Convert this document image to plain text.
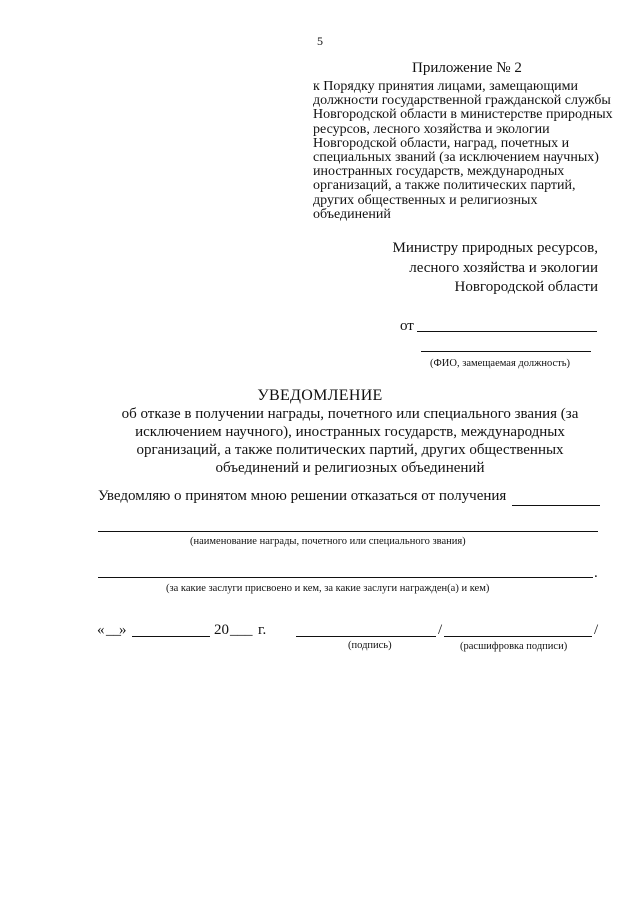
5
Приложение № 2
к Порядку принятия лицами, замещающими должности государственной гражданской службы Новгородской области в министерстве природных ресурсов, лесного хозяйства и экологии Новгородской области, наград, почетных и специальных званий (за исключением научных) иностранных государств, международных организаций, а также политических партий, других общественных и религиозных объединений
Министру природных ресурсов,
лесного хозяйства и экологии
Новгородской области
от
(ФИО, замещаемая должность)
УВЕДОМЛЕНИЕ
об отказе в получении награды, почетного или специального звания (за исключением научного), иностранных государств, международных организаций, а также политических партий, других общественных объединений и религиозных объединений
Уведомляю о принятом мною решении отказаться от получения
(наименование награды, почетного или специального звания)
.
(за какие заслуги присвоено и кем, за какие заслуги награжден(а) и кем)
« __
»	20 ___ г.	/	/
(подпись)	(расшифровка подписи)
